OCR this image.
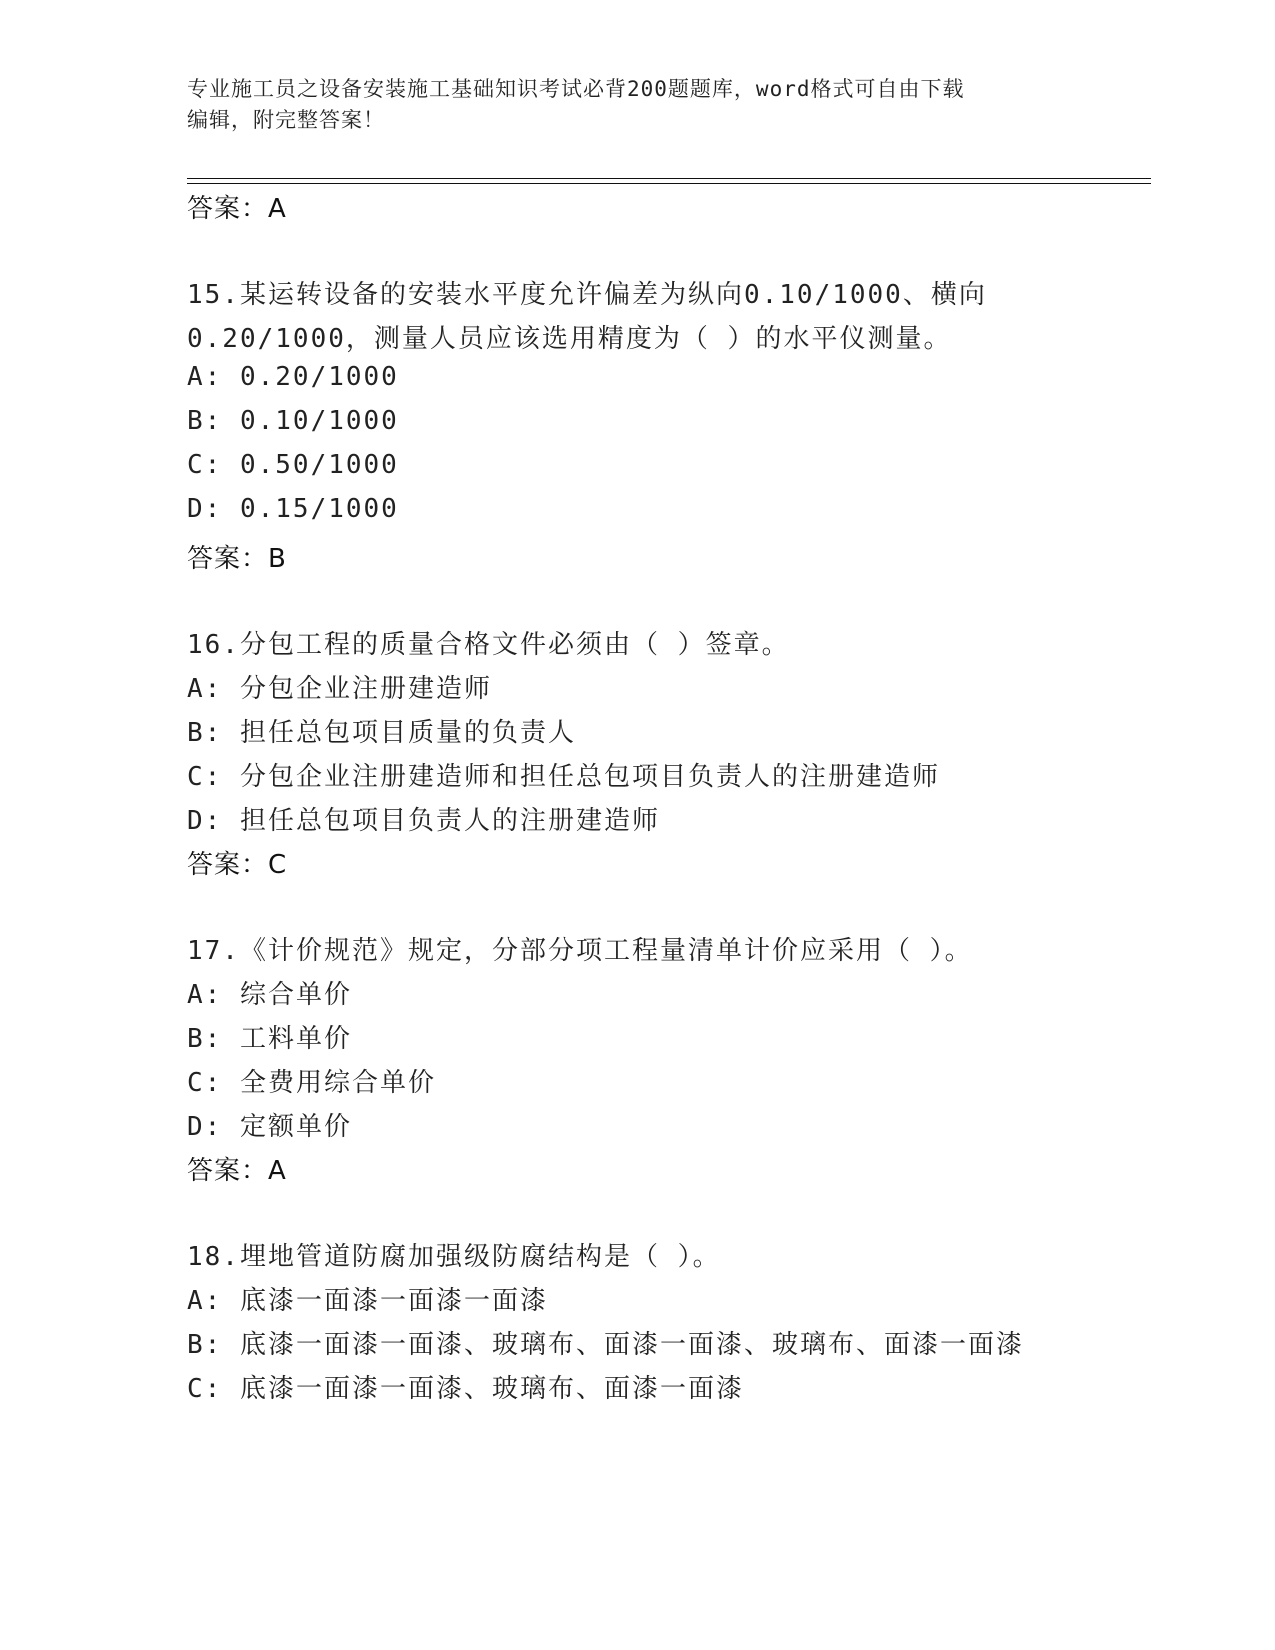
专业施工员之设备安装施工基础知识考试必背200题题库，word格式可自由下载
编辑，附完整答案！
答案：A
15.某运转设备的安装水平度允许偏差为纵向0.10/1000、横向
0.20/1000，测量人员应该选用精度为（ ）的水平仪测量。
A: 0.20/1000
B: 0.10/1000
C: 0.50/1000
D: 0.15/1000
答案：B
16.分包工程的质量合格文件必须由（ ）签章。
A: 分包企业注册建造师
B: 担任总包项目质量的负责人
C: 分包企业注册建造师和担任总包项目负责人的注册建造师
D: 担任总包项目负责人的注册建造师
答案：C
17.《计价规范》规定，分部分项工程量清单计价应采用（ ）。
A: 综合单价
B: 工料单价
C: 全费用综合单价
D: 定额单价
答案：A
18.埋地管道防腐加强级防腐结构是（ ）。
A: 底漆一面漆一面漆一面漆
B: 底漆一面漆一面漆、玻璃布、面漆一面漆、玻璃布、面漆一面漆
C: 底漆一面漆一面漆、玻璃布、面漆一面漆
